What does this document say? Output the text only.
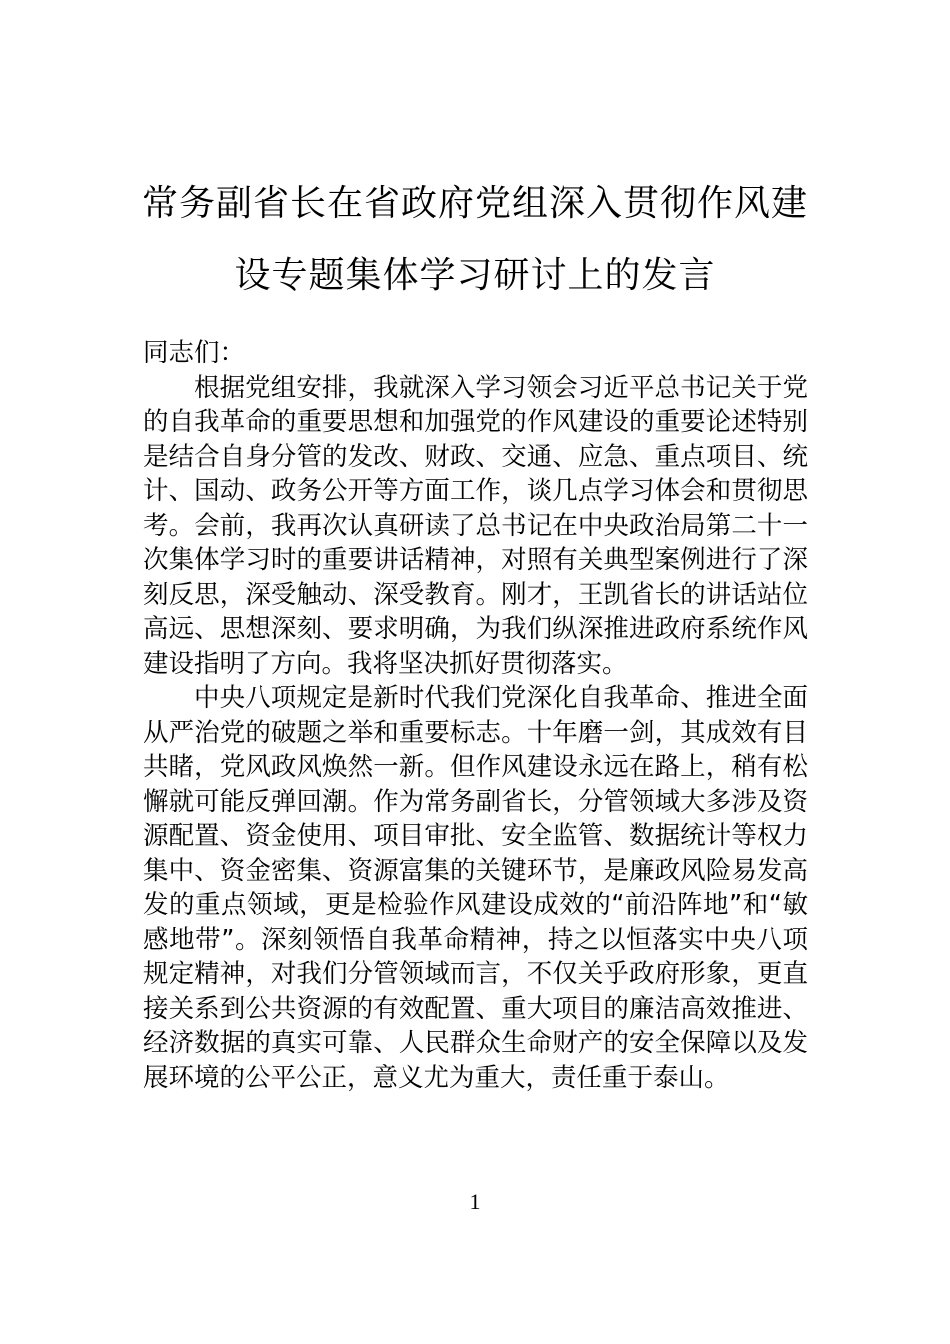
常务副省长在省政府党组深入贯彻作风建
设专题集体学习研讨上的发言

同志们：

根据党组安排，我就深入学习领会习近平总书记关于党的自我革命的重要思想和加强党的作风建设的重要论述特别是结合自身分管的发改、财政、交通、应急、重点项目、统计、国动、政务公开等方面工作，谈几点学习体会和贯彻思考。会前，我再次认真研读了总书记在中央政治局第二十一次集体学习时的重要讲话精神，对照有关典型案例进行了深刻反思，深受触动、深受教育。刚才，王凯省长的讲话站位高远、思想深刻、要求明确，为我们纵深推进政府系统作风建设指明了方向。我将坚决抓好贯彻落实。

中央八项规定是新时代我们党深化自我革命、推进全面从严治党的破题之举和重要标志。十年磨一剑，其成效有目共睹，党风政风焕然一新。但作风建设永远在路上，稍有松懈就可能反弹回潮。作为常务副省长，分管领域大多涉及资源配置、资金使用、项目审批、安全监管、数据统计等权力集中、资金密集、资源富集的关键环节，是廉政风险易发高发的重点领域，更是检验作风建设成效的“前沿阵地”和“敏感地带”。深刻领悟自我革命精神，持之以恒落实中央八项规定精神，对我们分管领域而言，不仅关乎政府形象，更直接关系到公共资源的有效配置、重大项目的廉洁高效推进、经济数据的真实可靠、人民群众生命财产的安全保障以及发展环境的公平公正，意义尤为重大，责任重于泰山。

1
